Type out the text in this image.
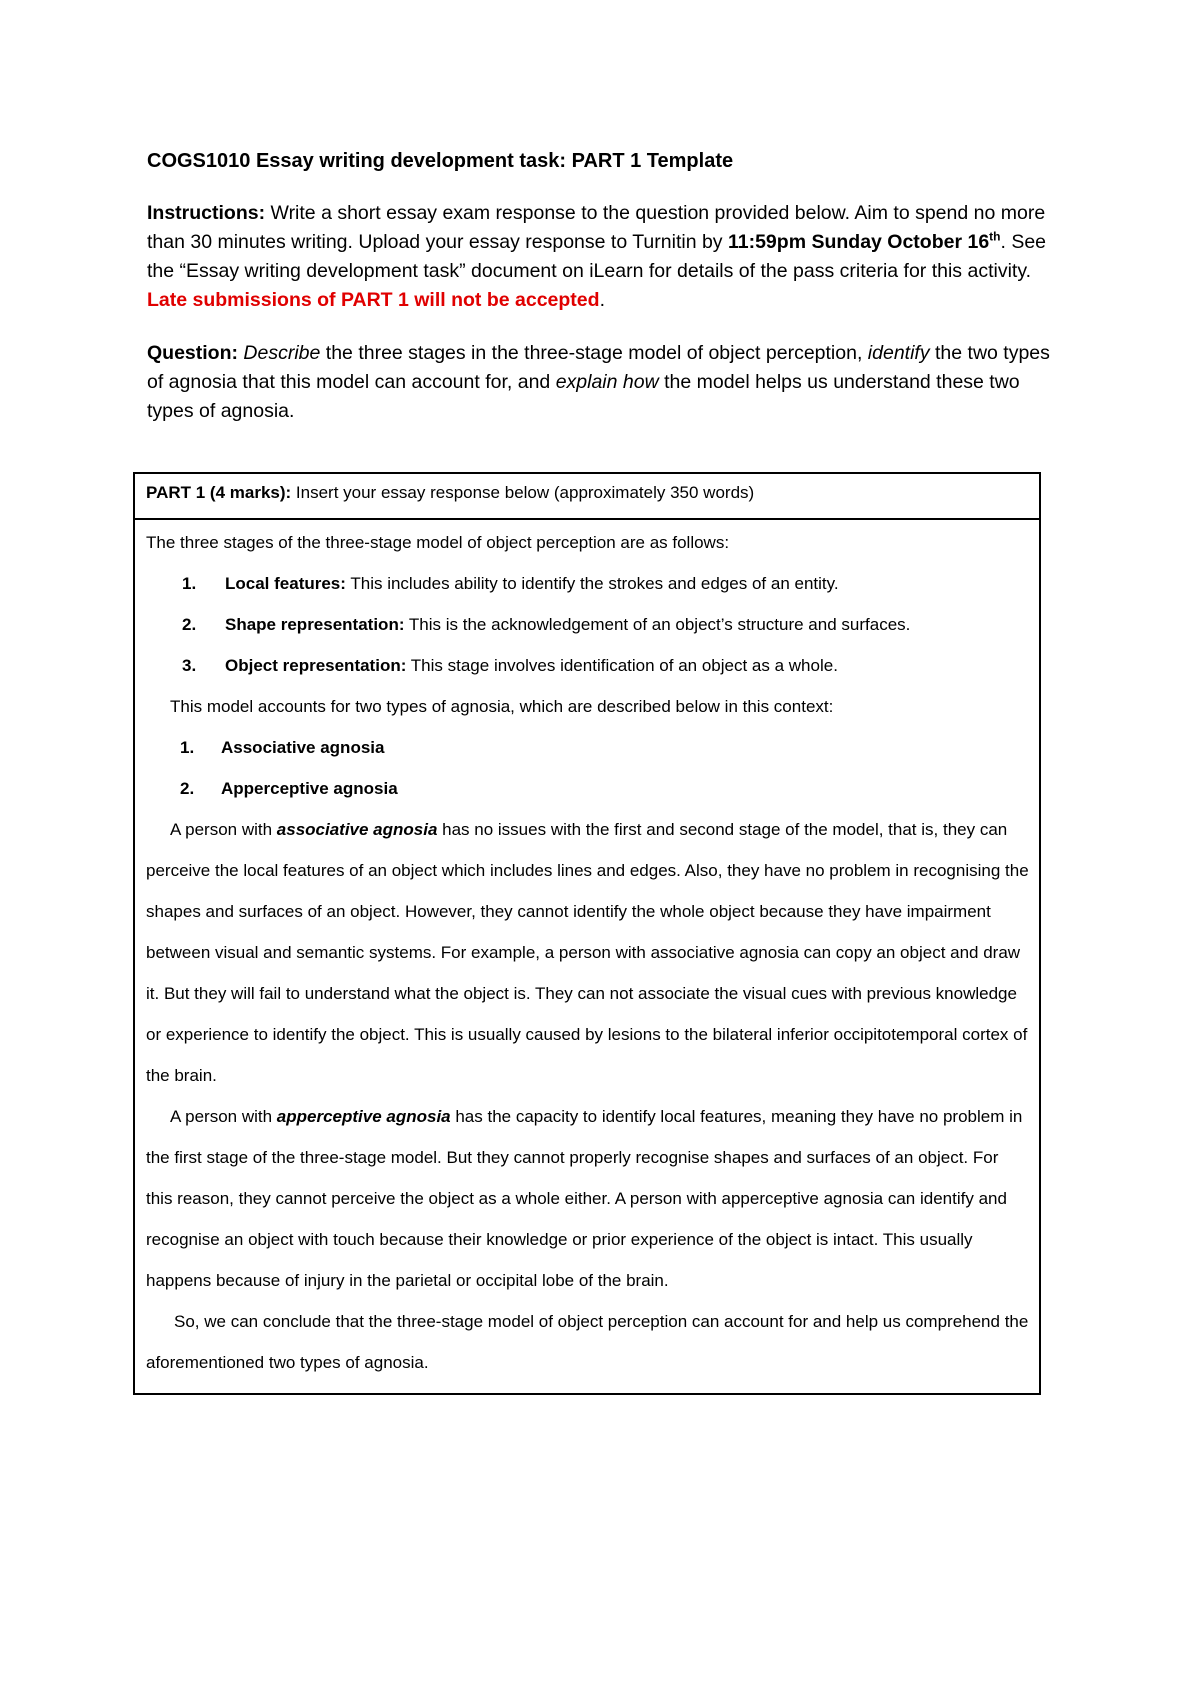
COGS1010 Essay writing development task: PART 1 Template

Instructions: Write a short essay exam response to the question provided below. Aim to spend no more than 30 minutes writing. Upload your essay response to Turnitin by 11:59pm Sunday October 16th. See the “Essay writing development task” document on iLearn for details of the pass criteria for this activity. Late submissions of PART 1 will not be accepted.

Question: Describe the three stages in the three-stage model of object perception, identify the two types of agnosia that this model can account for, and explain how the model helps us understand these two types of agnosia.

PART 1 (4 marks): Insert your essay response below (approximately 350 words)

The three stages of the three-stage model of object perception are as follows:

1. Local features: This includes ability to identify the strokes and edges of an entity.
2. Shape representation: This is the acknowledgement of an object’s structure and surfaces.
3. Object representation: This stage involves identification of an object as a whole.

This model accounts for two types of agnosia, which are described below in this context:

1. Associative agnosia
2. Apperceptive agnosia

A person with associative agnosia has no issues with the first and second stage of the model, that is, they can perceive the local features of an object which includes lines and edges. Also, they have no problem in recognising the shapes and surfaces of an object. However, they cannot identify the whole object because they have impairment between visual and semantic systems. For example, a person with associative agnosia can copy an object and draw it. But they will fail to understand what the object is. They can not associate the visual cues with previous knowledge or experience to identify the object. This is usually caused by lesions to the bilateral inferior occipitotemporal cortex of the brain.

A person with apperceptive agnosia has the capacity to identify local features, meaning they have no problem in the first stage of the three-stage model. But they cannot properly recognise shapes and surfaces of an object. For this reason, they cannot perceive the object as a whole either. A person with apperceptive agnosia can identify and recognise an object with touch because their knowledge or prior experience of the object is intact. This usually happens because of injury in the parietal or occipital lobe of the brain.

So, we can conclude that the three-stage model of object perception can account for and help us comprehend the aforementioned two types of agnosia.
